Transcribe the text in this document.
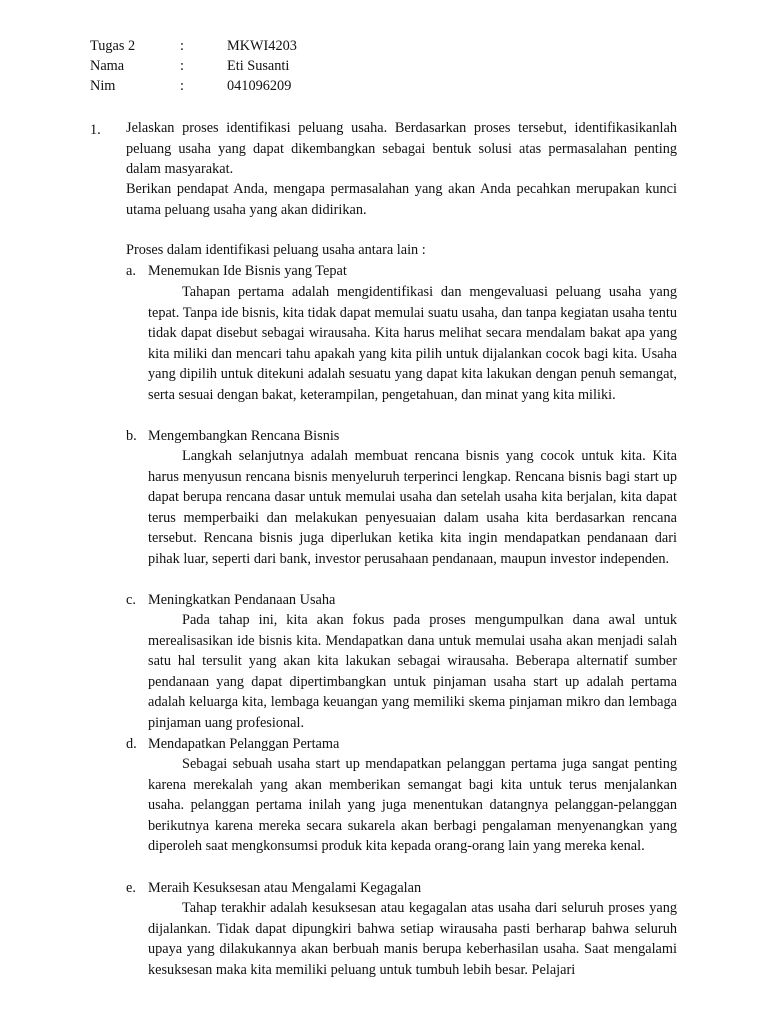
Tugas 2	:	MKWI4203
Nama	:	Eti Susanti
Nim	:	041096209
1. Jelaskan proses identifikasi peluang usaha. Berdasarkan proses tersebut, identifikasikanlah peluang usaha yang dapat dikembangkan sebagai bentuk solusi atas permasalahan penting dalam masyarakat.

Berikan pendapat Anda, mengapa permasalahan yang akan Anda pecahkan merupakan kunci utama peluang usaha yang akan didirikan.

Proses dalam identifikasi peluang usaha antara lain :
a. Menemukan Ide Bisnis yang Tepat

Tahapan pertama adalah mengidentifikasi dan mengevaluasi peluang usaha yang tepat. Tanpa ide bisnis, kita tidak dapat memulai suatu usaha, dan tanpa kegiatan usaha tentu tidak dapat disebut sebagai wirausaha. Kita harus melihat secara mendalam bakat apa yang kita miliki dan mencari tahu apakah yang kita pilih untuk dijalankan cocok bagi kita. Usaha yang dipilih untuk ditekuni adalah sesuatu yang dapat kita lakukan dengan penuh semangat, serta sesuai dengan bakat, keterampilan, pengetahuan, dan minat yang kita miliki.

b. Mengembangkan Rencana Bisnis

Langkah selanjutnya adalah membuat rencana bisnis yang cocok untuk kita. Kita harus menyusun rencana bisnis menyeluruh terperinci lengkap. Rencana bisnis bagi start up dapat berupa rencana dasar untuk memulai usaha dan setelah usaha kita berjalan, kita dapat terus memperbaiki dan melakukan penyesuaian dalam usaha kita berdasarkan rencana tersebut. Rencana bisnis juga diperlukan ketika kita ingin mendapatkan pendanaan dari pihak luar, seperti dari bank, investor perusahaan pendanaan, maupun investor independen.

c. Meningkatkan Pendanaan Usaha

Pada tahap ini, kita akan fokus pada proses mengumpulkan dana awal untuk merealisasikan ide bisnis kita. Mendapatkan dana untuk memulai usaha akan menjadi salah satu hal tersulit yang akan kita lakukan sebagai wirausaha. Beberapa alternatif sumber pendanaan yang dapat dipertimbangkan untuk pinjaman usaha start up adalah pertama adalah keluarga kita, lembaga keuangan yang memiliki skema pinjaman mikro dan lembaga pinjaman uang profesional.

d. Mendapatkan Pelanggan Pertama

Sebagai sebuah usaha start up mendapatkan pelanggan pertama juga sangat penting karena merekalah yang akan memberikan semangat bagi kita untuk terus menjalankan usaha. pelanggan pertama inilah yang juga menentukan datangnya pelanggan-pelanggan berikutnya karena mereka secara sukarela akan berbagi pengalaman menyenangkan yang diperoleh saat mengkonsumsi produk kita kepada orang-orang lain yang mereka kenal.

e. Meraih Kesuksesan atau Mengalami Kegagalan

Tahap terakhir adalah kesuksesan atau kegagalan atas usaha dari seluruh proses yang dijalankan. Tidak dapat dipungkiri bahwa setiap wirausaha pasti berharap bahwa seluruh upaya yang dilakukannya akan berbuah manis berupa keberhasilan usaha. Saat mengalami kesuksesan maka kita memiliki peluang untuk tumbuh lebih besar. Pelajari
